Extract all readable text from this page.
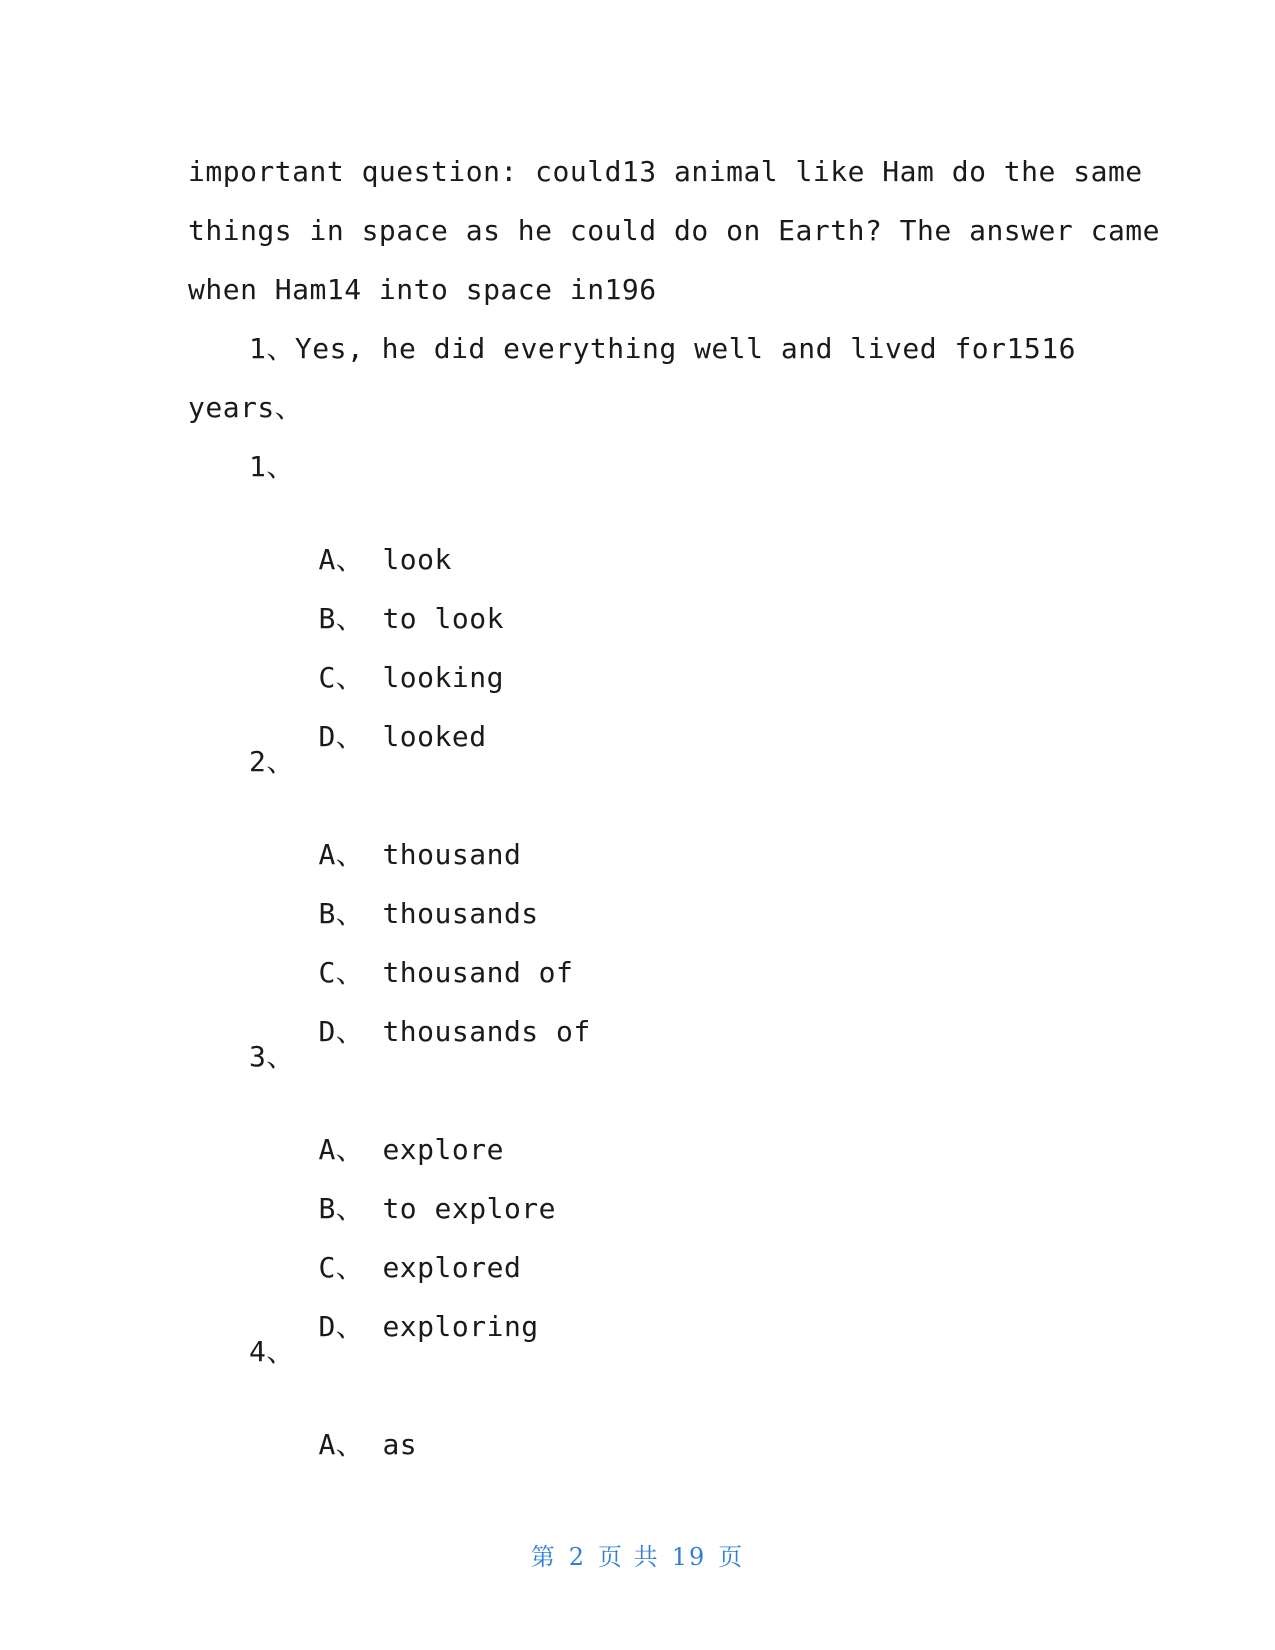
important question: could13 animal like Ham do the same
things in space as he could do on Earth? The answer came
when Ham14 into space in196
1、Yes, he did everything well and lived for1516
years、
1、

A、 look

B、 to look

C、 looking

D、 looked

2、

A、 thousand

B、 thousands

C、 thousand of

D、 thousands of

3、

A、 explore

B、 to explore

C、 explored

D、 exploring

4、

A、 as

第 2 页 共 19 页
